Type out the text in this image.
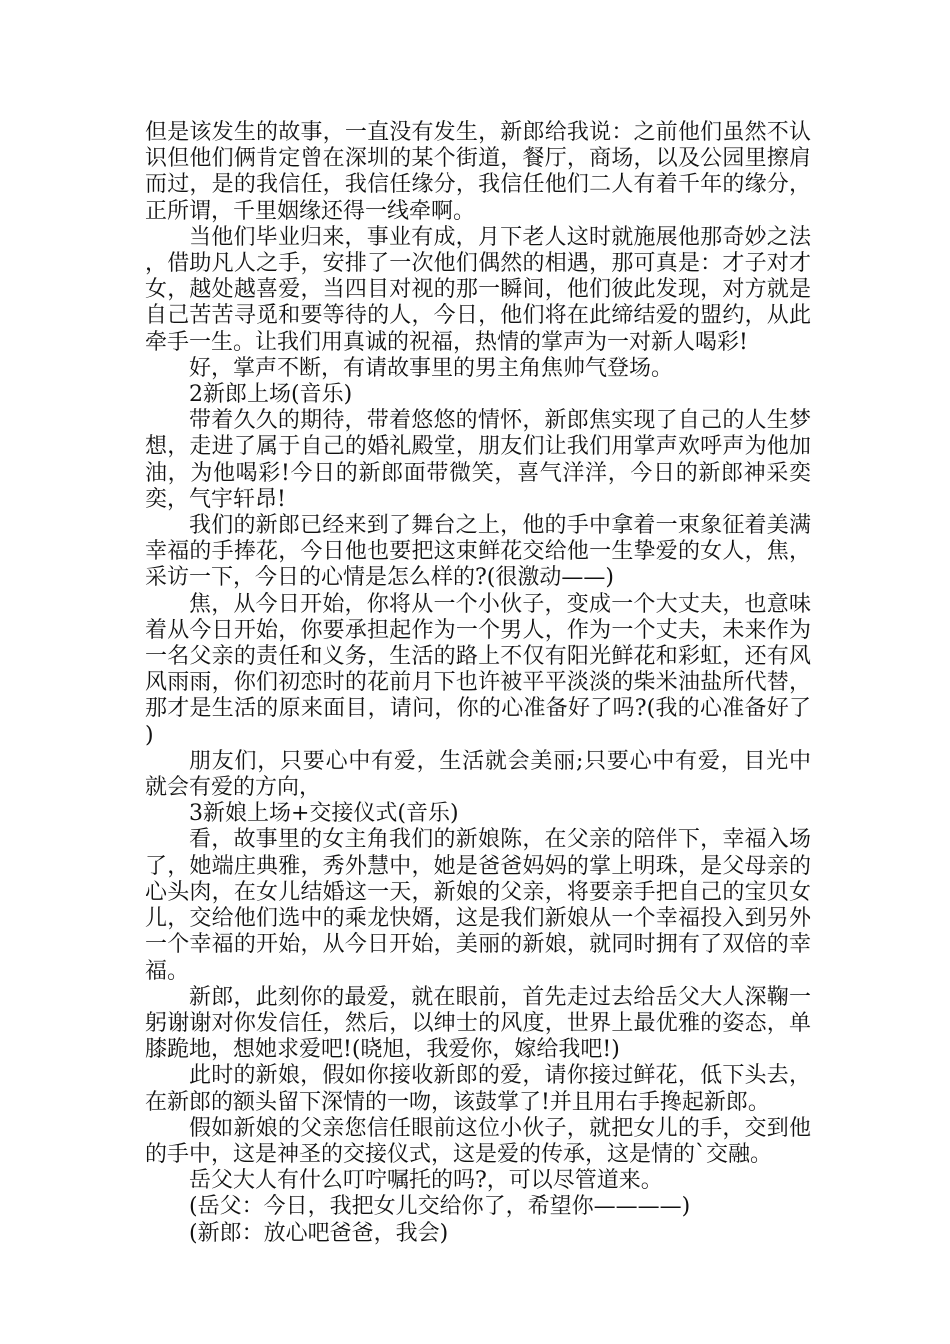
但是该发生的故事，一直没有发生，新郎给我说：之前他们虽然不认识但他们俩肯定曾在深圳的某个街道，餐厅，商场，以及公园里擦肩而过，是的我信任，我信任缘分，我信任他们二人有着千年的缘分，正所谓，千里姻缘还得一线牵啊。

当他们毕业归来，事业有成，月下老人这时就施展他那奇妙之法，借助凡人之手，安排了一次他们偶然的相遇，那可真是：才子对才女，越处越喜爱，当四目对视的那一瞬间，他们彼此发现，对方就是自己苦苦寻觅和要等待的人，今日，他们将在此缔结爱的盟约，从此牵手一生。让我们用真诚的祝福，热情的掌声为一对新人喝彩!

好，掌声不断，有请故事里的男主角焦帅气登场。

2新郎上场(音乐)

带着久久的期待，带着悠悠的情怀，新郎焦实现了自己的人生梦想，走进了属于自己的婚礼殿堂，朋友们让我们用掌声欢呼声为他加油，为他喝彩!今日的新郎面带微笑，喜气洋洋，今日的新郎神采奕奕，气宇轩昂!

我们的新郎已经来到了舞台之上，他的手中拿着一束象征着美满幸福的手捧花，今日他也要把这束鲜花交给他一生挚爱的女人，焦，采访一下，今日的心情是怎么样的?(很激动——)

焦，从今日开始，你将从一个小伙子，变成一个大丈夫，也意味着从今日开始，你要承担起作为一个男人，作为一个丈夫，未来作为一名父亲的责任和义务，生活的路上不仅有阳光鲜花和彩虹，还有风风雨雨，你们初恋时的花前月下也许被平平淡淡的柴米油盐所代替，那才是生活的原来面目，请问，你的心准备好了吗?(我的心准备好了)

朋友们，只要心中有爱，生活就会美丽;只要心中有爱，目光中就会有爱的方向，

3新娘上场+交接仪式(音乐)

看，故事里的女主角我们的新娘陈，在父亲的陪伴下，幸福入场了，她端庄典雅，秀外慧中，她是爸爸妈妈的掌上明珠，是父母亲的心头肉，在女儿结婚这一天，新娘的父亲，将要亲手把自己的宝贝女儿，交给他们选中的乘龙快婿，这是我们新娘从一个幸福投入到另外一个幸福的开始，从今日开始，美丽的新娘，就同时拥有了双倍的幸福。

新郎，此刻你的最爱，就在眼前，首先走过去给岳父大人深鞠一躬谢谢对你发信任，然后，以绅士的风度，世界上最优雅的姿态，单膝跪地，想她求爱吧!(晓旭，我爱你，嫁给我吧!)

此时的新娘，假如你接收新郎的爱，请你接过鲜花，低下头去，在新郎的额头留下深情的一吻，该鼓掌了!并且用右手搀起新郎。

假如新娘的父亲您信任眼前这位小伙子，就把女儿的手，交到他的手中，这是神圣的交接仪式，这是爱的传承，这是情的`交融。

岳父大人有什么叮咛嘱托的吗?，可以尽管道来。

(岳父：今日，我把女儿交给你了，希望你————)

(新郎：放心吧爸爸，我会)
